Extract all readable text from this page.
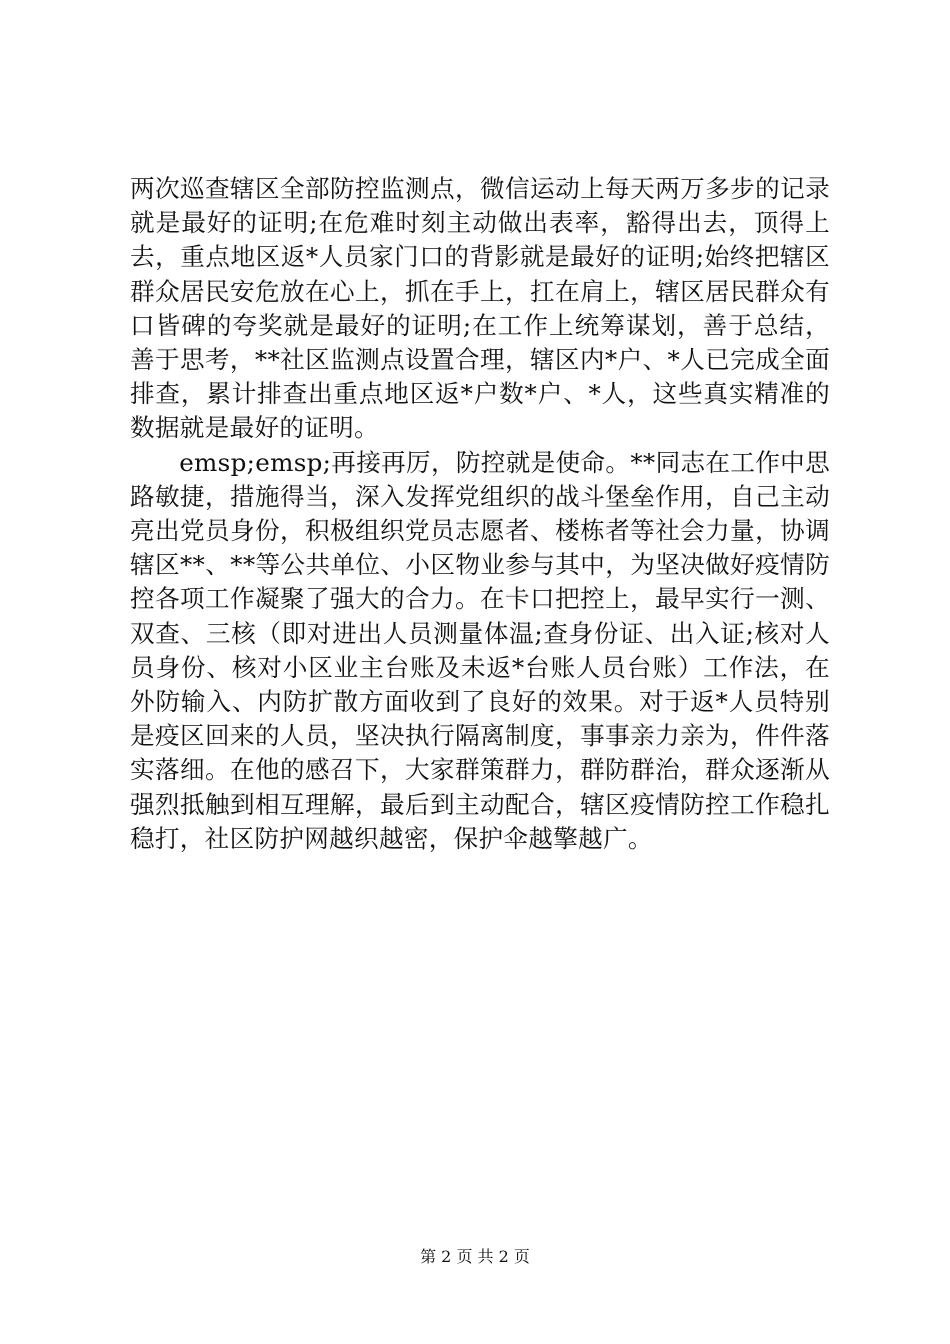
两次巡查辖区全部防控监测点，微信运动上每天两万多步的记录就是最好的证明;在危难时刻主动做出表率，豁得出去，顶得上去，重点地区返*人员家门口的背影就是最好的证明;始终把辖区群众居民安危放在心上，抓在手上，扛在肩上，辖区居民群众有口皆碑的夸奖就是最好的证明;在工作上统筹谋划，善于总结，善于思考，**社区监测点设置合理，辖区内*户、*人已完成全面排查，累计排查出重点地区返*户数*户、*人，这些真实精准的数据就是最好的证明。

emsp;emsp;再接再厉，防控就是使命。**同志在工作中思路敏捷，措施得当，深入发挥党组织的战斗堡垒作用，自己主动亮出党员身份，积极组织党员志愿者、楼栋者等社会力量，协调辖区**、**等公共单位、小区物业参与其中，为坚决做好疫情防控各项工作凝聚了强大的合力。在卡口把控上，最早实行一测、双查、三核（即对进出人员测量体温;查身份证、出入证;核对人员身份、核对小区业主台账及未返*台账人员台账）工作法，在外防输入、内防扩散方面收到了良好的效果。对于返*人员特别是疫区回来的人员，坚决执行隔离制度，事事亲力亲为，件件落实落细。在他的感召下，大家群策群力，群防群治，群众逐渐从强烈抵触到相互理解，最后到主动配合，辖区疫情防控工作稳扎稳打，社区防护网越织越密，保护伞越擎越广。

第 2 页 共 2 页
